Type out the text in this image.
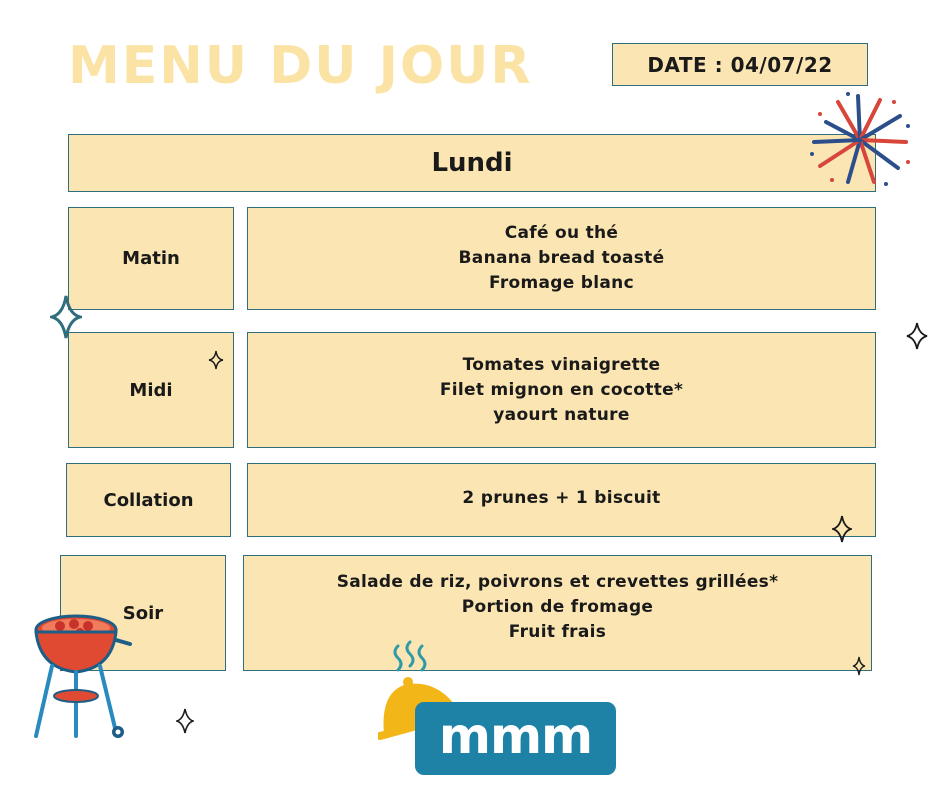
MENU DU JOUR	DATE : 04/07/22
Lundi
Matin
Café ou thé
Banana bread toasté
Fromage blanc
Midi
Tomates vinaigrette
Filet mignon en cocotte*
yaourt nature
Collation	2 prunes + 1 biscuit
Soir
Salade de riz, poivrons et crevettes grillées*
Portion de fromage
Fruit frais
mmm
